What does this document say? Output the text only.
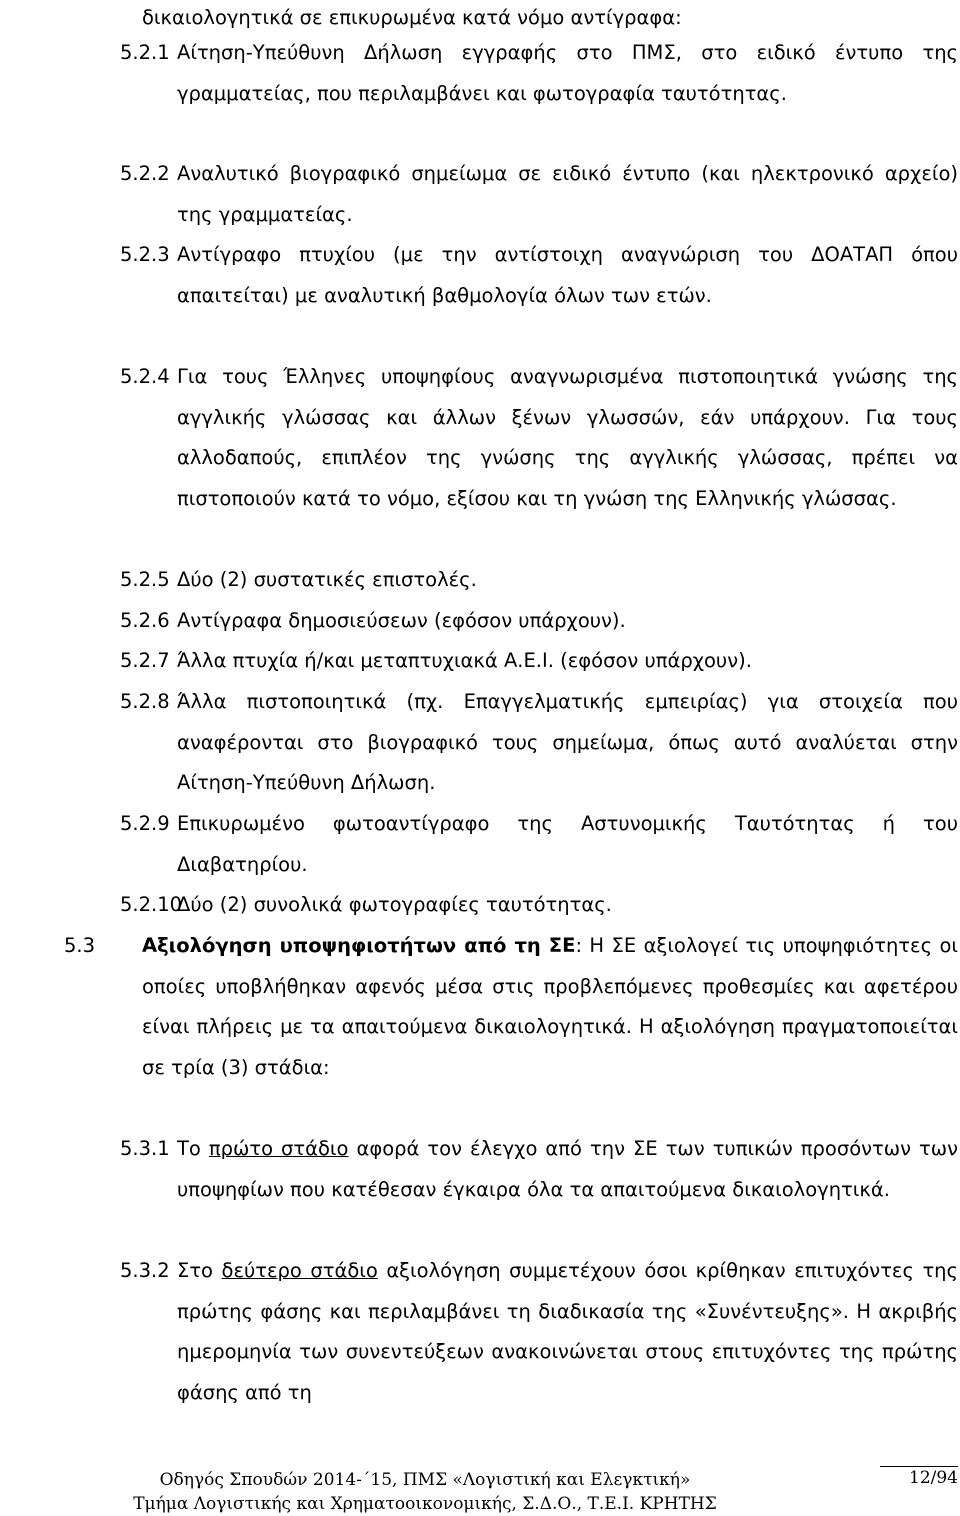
δικαιολογητικά σε επικυρωμένα κατά νόμο αντίγραφα:
5.2.1 Αίτηση-Υπεύθυνη Δήλωση εγγραφής στο ΠΜΣ, στο ειδικό έντυπο της γραμματείας, που περιλαμβάνει και φωτογραφία ταυτότητας.
5.2.2 Αναλυτικό βιογραφικό σημείωμα σε ειδικό έντυπο (και ηλεκτρονικό αρχείο) της γραμματείας.
5.2.3 Αντίγραφο πτυχίου (με την αντίστοιχη αναγνώριση του ΔΟΑΤΑΠ όπου απαιτείται) με αναλυτική βαθμολογία όλων των ετών.
5.2.4 Για τους Έλληνες υποψηφίους αναγνωρισμένα πιστοποιητικά γνώσης της αγγλικής γλώσσας και άλλων ξένων γλωσσών, εάν υπάρχουν. Για τους αλλοδαπούς, επιπλέον της γνώσης της αγγλικής γλώσσας, πρέπει να πιστοποιούν κατά το νόμο, εξίσου και τη γνώση της Ελληνικής γλώσσας.
5.2.5 Δύο (2) συστατικές επιστολές.
5.2.6 Αντίγραφα δημοσιεύσεων (εφόσον υπάρχουν).
5.2.7 Άλλα πτυχία ή/και μεταπτυχιακά Α.Ε.Ι. (εφόσον υπάρχουν).
5.2.8 Άλλα πιστοποιητικά (πχ. Επαγγελματικής εμπειρίας) για στοιχεία που αναφέρονται στο βιογραφικό τους σημείωμα, όπως αυτό αναλύεται στην Αίτηση-Υπεύθυνη Δήλωση.
5.2.9 Επικυρωμένο φωτοαντίγραφο της Αστυνομικής Ταυτότητας ή του Διαβατηρίου.
5.2.10
Δύο (2) συνολικά φωτογραφίες ταυτότητας.
5.3 Αξιολόγηση υποψηφιοτήτων από τη ΣΕ: Η ΣΕ αξιολογεί τις υποψηφιότητες οι οποίες υποβλήθηκαν αφενός μέσα στις προβλεπόμενες προθεσμίες και αφετέρου είναι πλήρεις με τα απαιτούμενα δικαιολογητικά. Η αξιολόγηση πραγματοποιείται σε τρία (3) στάδια:
5.3.1 Το πρώτο στάδιο αφορά τον έλεγχο από την ΣΕ των τυπικών προσόντων των υποψηφίων που κατέθεσαν έγκαιρα όλα τα απαιτούμενα δικαιολογητικά.
5.3.2 Στο δεύτερο στάδιο αξιολόγηση συμμετέχουν όσοι κρίθηκαν επιτυχόντες της πρώτης φάσης και περιλαμβάνει τη διαδικασία της «Συνέντευξης». Η ακριβής ημερομηνία των συνεντεύξεων ανακοινώνεται στους επιτυχόντες της πρώτης φάσης από τη
Οδηγός Σπουδών 2014-΄15, ΠΜΣ «Λογιστική και Ελεγκτική»
Τμήμα Λογιστικής και Χρηματοοικονομικής, Σ.Δ.Ο., Τ.Ε.Ι. ΚΡΗΤΗΣ
12/94
